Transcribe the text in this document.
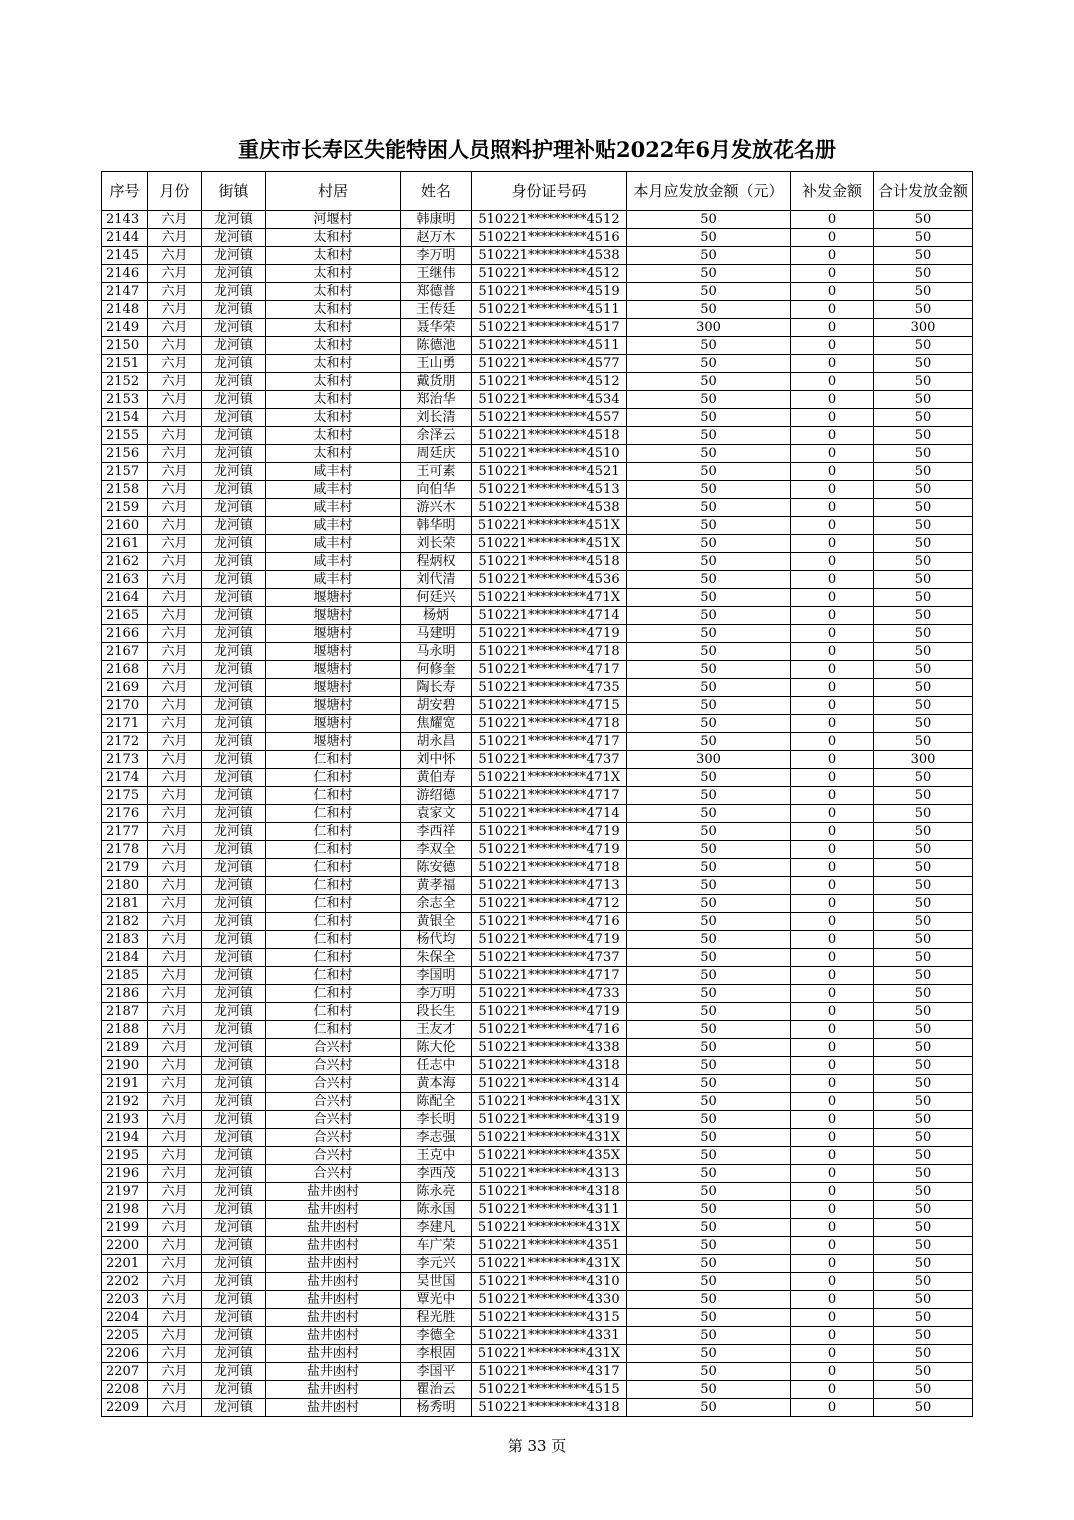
重庆市长寿区失能特困人员照料护理补贴2022年6月发放花名册
序号	月份	街镇	村居	姓名	身份证号码	本月应发放金额（元）	补发金额	合计发放金额
2143	六月	龙河镇	河堰村	韩康明	510221*********4512	50	0	50
2144	六月	龙河镇	太和村	赵万木	510221*********4516	50	0	50
2145	六月	龙河镇	太和村	李万明	510221*********4538	50	0	50
2146	六月	龙河镇	太和村	王继伟	510221*********4512	50	0	50
2147	六月	龙河镇	太和村	郑德普	510221*********4519	50	0	50
2148	六月	龙河镇	太和村	王传廷	510221*********4511	50	0	50
2149	六月	龙河镇	太和村	聂华荣	510221*********4517	300	0	300
2150	六月	龙河镇	太和村	陈德池	510221*********4511	50	0	50
2151	六月	龙河镇	太和村	王山勇	510221*********4577	50	0	50
2152	六月	龙河镇	太和村	戴货朋	510221*********4512	50	0	50
2153	六月	龙河镇	太和村	郑治华	510221*********4534	50	0	50
2154	六月	龙河镇	太和村	刘长清	510221*********4557	50	0	50
2155	六月	龙河镇	太和村	余泽云	510221*********4518	50	0	50
2156	六月	龙河镇	太和村	周廷庆	510221*********4510	50	0	50
2157	六月	龙河镇	咸丰村	王可素	510221*********4521	50	0	50
2158	六月	龙河镇	咸丰村	向伯华	510221*********4513	50	0	50
2159	六月	龙河镇	咸丰村	游兴木	510221*********4538	50	0	50
2160	六月	龙河镇	咸丰村	韩华明	510221*********451X	50	0	50
2161	六月	龙河镇	咸丰村	刘长荣	510221*********451X	50	0	50
2162	六月	龙河镇	咸丰村	程炳权	510221*********4518	50	0	50
2163	六月	龙河镇	咸丰村	刘代清	510221*********4536	50	0	50
2164	六月	龙河镇	堰塘村	何廷兴	510221*********471X	50	0	50
2165	六月	龙河镇	堰塘村	杨炳	510221*********4714	50	0	50
2166	六月	龙河镇	堰塘村	马建明	510221*********4719	50	0	50
2167	六月	龙河镇	堰塘村	马永明	510221*********4718	50	0	50
2168	六月	龙河镇	堰塘村	何修奎	510221*********4717	50	0	50
2169	六月	龙河镇	堰塘村	陶长寿	510221*********4735	50	0	50
2170	六月	龙河镇	堰塘村	胡安碧	510221*********4715	50	0	50
2171	六月	龙河镇	堰塘村	焦耀宽	510221*********4718	50	0	50
2172	六月	龙河镇	堰塘村	胡永昌	510221*********4717	50	0	50
2173	六月	龙河镇	仁和村	刘中怀	510221*********4737	300	0	300
2174	六月	龙河镇	仁和村	黄伯寿	510221*********471X	50	0	50
2175	六月	龙河镇	仁和村	游绍德	510221*********4717	50	0	50
2176	六月	龙河镇	仁和村	袁家文	510221*********4714	50	0	50
2177	六月	龙河镇	仁和村	李西祥	510221*********4719	50	0	50
2178	六月	龙河镇	仁和村	李双全	510221*********4719	50	0	50
2179	六月	龙河镇	仁和村	陈安德	510221*********4718	50	0	50
2180	六月	龙河镇	仁和村	黄孝福	510221*********4713	50	0	50
2181	六月	龙河镇	仁和村	余志全	510221*********4712	50	0	50
2182	六月	龙河镇	仁和村	黄银全	510221*********4716	50	0	50
2183	六月	龙河镇	仁和村	杨代均	510221*********4719	50	0	50
2184	六月	龙河镇	仁和村	朱保全	510221*********4737	50	0	50
2185	六月	龙河镇	仁和村	李国明	510221*********4717	50	0	50
2186	六月	龙河镇	仁和村	李万明	510221*********4733	50	0	50
2187	六月	龙河镇	仁和村	段长生	510221*********4719	50	0	50
2188	六月	龙河镇	仁和村	王友才	510221*********4716	50	0	50
2189	六月	龙河镇	合兴村	陈大伦	510221*********4338	50	0	50
2190	六月	龙河镇	合兴村	任志中	510221*********4318	50	0	50
2191	六月	龙河镇	合兴村	黄本海	510221*********4314	50	0	50
2192	六月	龙河镇	合兴村	陈配全	510221*********431X	50	0	50
2193	六月	龙河镇	合兴村	李长明	510221*********4319	50	0	50
2194	六月	龙河镇	合兴村	李志强	510221*********431X	50	0	50
2195	六月	龙河镇	合兴村	王克中	510221*********435X	50	0	50
2196	六月	龙河镇	合兴村	李西茂	510221*********4313	50	0	50
2197	六月	龙河镇	盐井凼村	陈永亮	510221*********4318	50	0	50
2198	六月	龙河镇	盐井凼村	陈永国	510221*********4311	50	0	50
2199	六月	龙河镇	盐井凼村	李建凡	510221*********431X	50	0	50
2200	六月	龙河镇	盐井凼村	车广荣	510221*********4351	50	0	50
2201	六月	龙河镇	盐井凼村	李元兴	510221*********431X	50	0	50
2202	六月	龙河镇	盐井凼村	吴世国	510221*********4310	50	0	50
2203	六月	龙河镇	盐井凼村	覃光中	510221*********4330	50	0	50
2204	六月	龙河镇	盐井凼村	程光胜	510221*********4315	50	0	50
2205	六月	龙河镇	盐井凼村	李德全	510221*********4331	50	0	50
2206	六月	龙河镇	盐井凼村	李根固	510221*********431X	50	0	50
2207	六月	龙河镇	盐井凼村	李国平	510221*********4317	50	0	50
2208	六月	龙河镇	盐井凼村	瞿治云	510221*********4515	50	0	50
2209	六月	龙河镇	盐井凼村	杨秀明	510221*********4318	50	0	50
第 33 页
